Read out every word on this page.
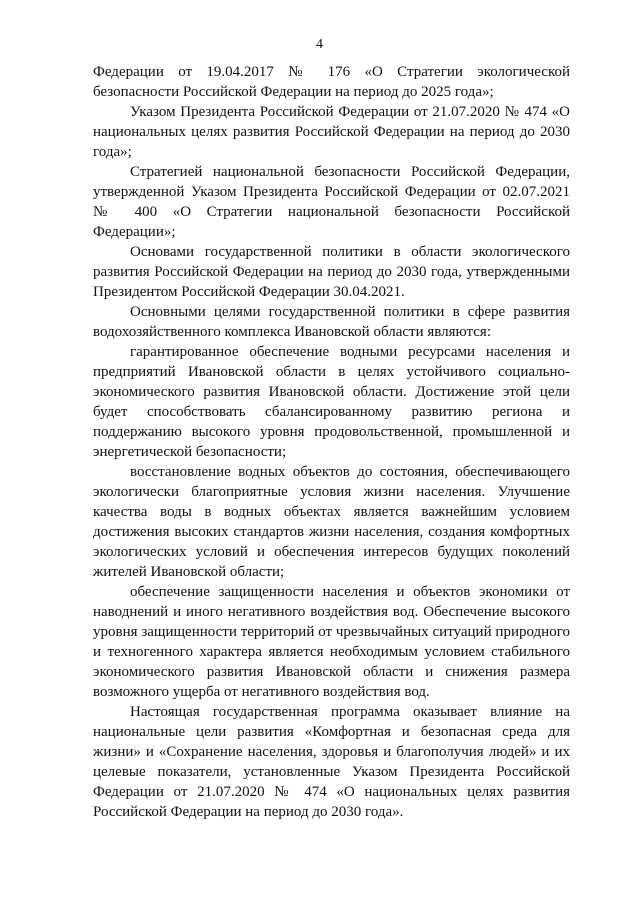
4

Федерации от 19.04.2017 № 176 «О Стратегии экологической безопасности Российской Федерации на период до 2025 года»;

Указом Президента Российской Федерации от 21.07.2020 № 474 «О национальных целях развития Российской Федерации на период до 2030 года»;

Стратегией национальной безопасности Российской Федерации, утвержденной Указом Президента Российской Федерации от 02.07.2021 № 400 «О Стратегии национальной безопасности Российской Федерации»;

Основами государственной политики в области экологического развития Российской Федерации на период до 2030 года, утвержденными Президентом Российской Федерации 30.04.2021.

Основными целями государственной политики в сфере развития водохозяйственного комплекса Ивановской области являются:

гарантированное обеспечение водными ресурсами населения и предприятий Ивановской области в целях устойчивого социально-экономического развития Ивановской области. Достижение этой цели будет способствовать сбалансированному развитию региона и поддержанию высокого уровня продовольственной, промышленной и энергетической безопасности;

восстановление водных объектов до состояния, обеспечивающего экологически благоприятные условия жизни населения. Улучшение качества воды в водных объектах является важнейшим условием достижения высоких стандартов жизни населения, создания комфортных экологических условий и обеспечения интересов будущих поколений жителей Ивановской области;

обеспечение защищенности населения и объектов экономики от наводнений и иного негативного воздействия вод. Обеспечение высокого уровня защищенности территорий от чрезвычайных ситуаций природного и техногенного характера является необходимым условием стабильного экономического развития Ивановской области и снижения размера возможного ущерба от негативного воздействия вод.

Настоящая государственная программа оказывает влияние на национальные цели развития «Комфортная и безопасная среда для жизни» и «Сохранение населения, здоровья и благополучия людей» и их целевые показатели, установленные Указом Президента Российской Федерации от 21.07.2020 № 474 «О национальных целях развития Российской Федерации на период до 2030 года».
